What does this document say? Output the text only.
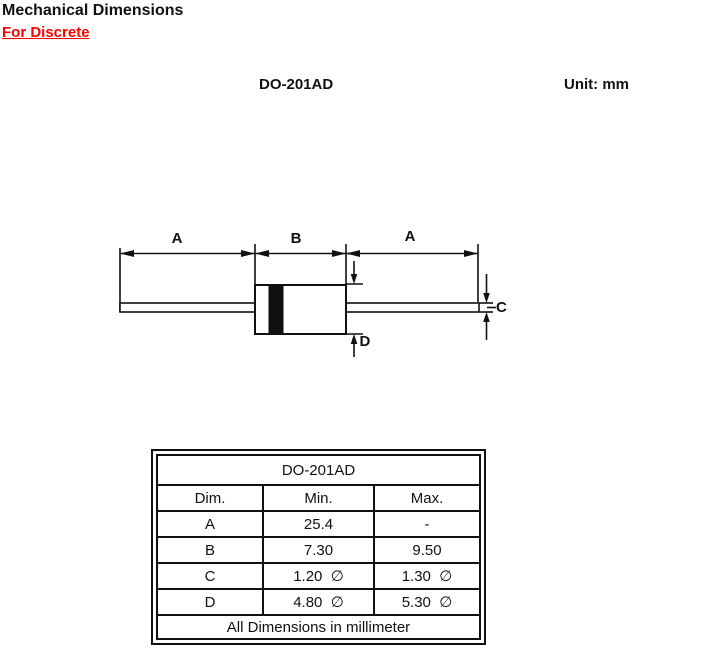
Mechanical Dimensions
For Discrete
DO-201AD	Unit: mm
A	B	A
C
D
DO-201AD		
Dim.	Min.	Max.
A	25.4	-
B	7.30	9.50
C	1.20  ∅	1.30  ∅
D	4.80  ∅	5.30  ∅
All Dimensions in millimeter		
